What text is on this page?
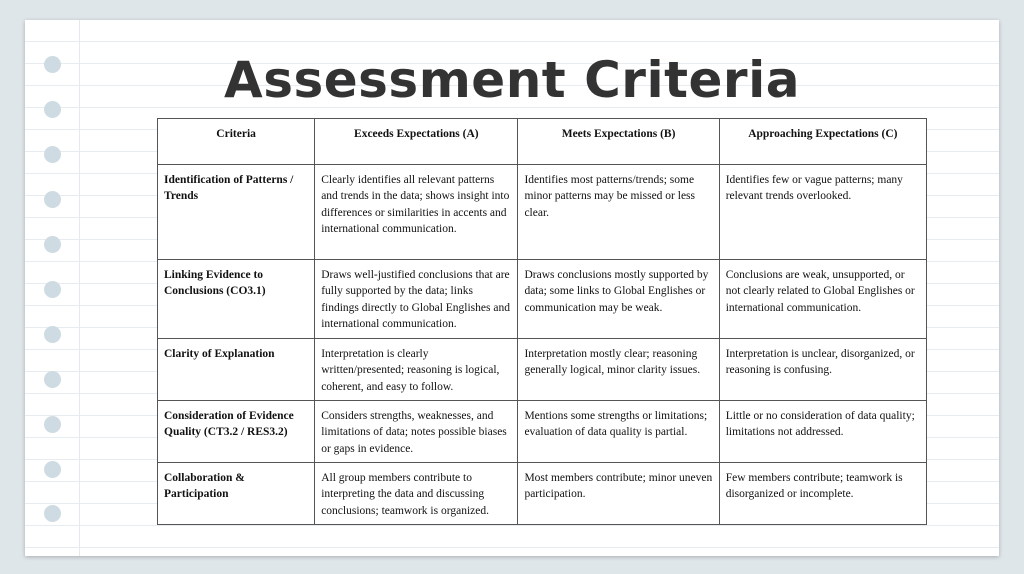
Assessment Criteria
Criteria	Exceeds Expectations (A)	Meets Expectations (B)	Approaching Expectations (C)
Identification of Patterns / Trends	Clearly identifies all relevant patterns and trends in the data; shows insight into differences or similarities in accents and international communication.	Identifies most patterns/trends; some minor patterns may be missed or less clear.	Identifies few or vague patterns; many relevant trends overlooked.
Linking Evidence to Conclusions (CO3.1)	Draws well-justified conclusions that are fully supported by the data; links findings directly to Global Englishes and international communication.	Draws conclusions mostly supported by data; some links to Global Englishes or communication may be weak.	Conclusions are weak, unsupported, or not clearly related to Global Englishes or international communication.
Clarity of Explanation	Interpretation is clearly written/presented; reasoning is logical, coherent, and easy to follow.	Interpretation mostly clear; reasoning generally logical, minor clarity issues.	Interpretation is unclear, disorganized, or reasoning is confusing.
Consideration of Evidence Quality (CT3.2 / RES3.2)	Considers strengths, weaknesses, and limitations of data; notes possible biases or gaps in evidence.	Mentions some strengths or limitations; evaluation of data quality is partial.	Little or no consideration of data quality; limitations not addressed.
Collaboration & Participation	All group members contribute to interpreting the data and discussing conclusions; teamwork is organized.	Most members contribute; minor uneven participation.	Few members contribute; teamwork is disorganized or incomplete.
